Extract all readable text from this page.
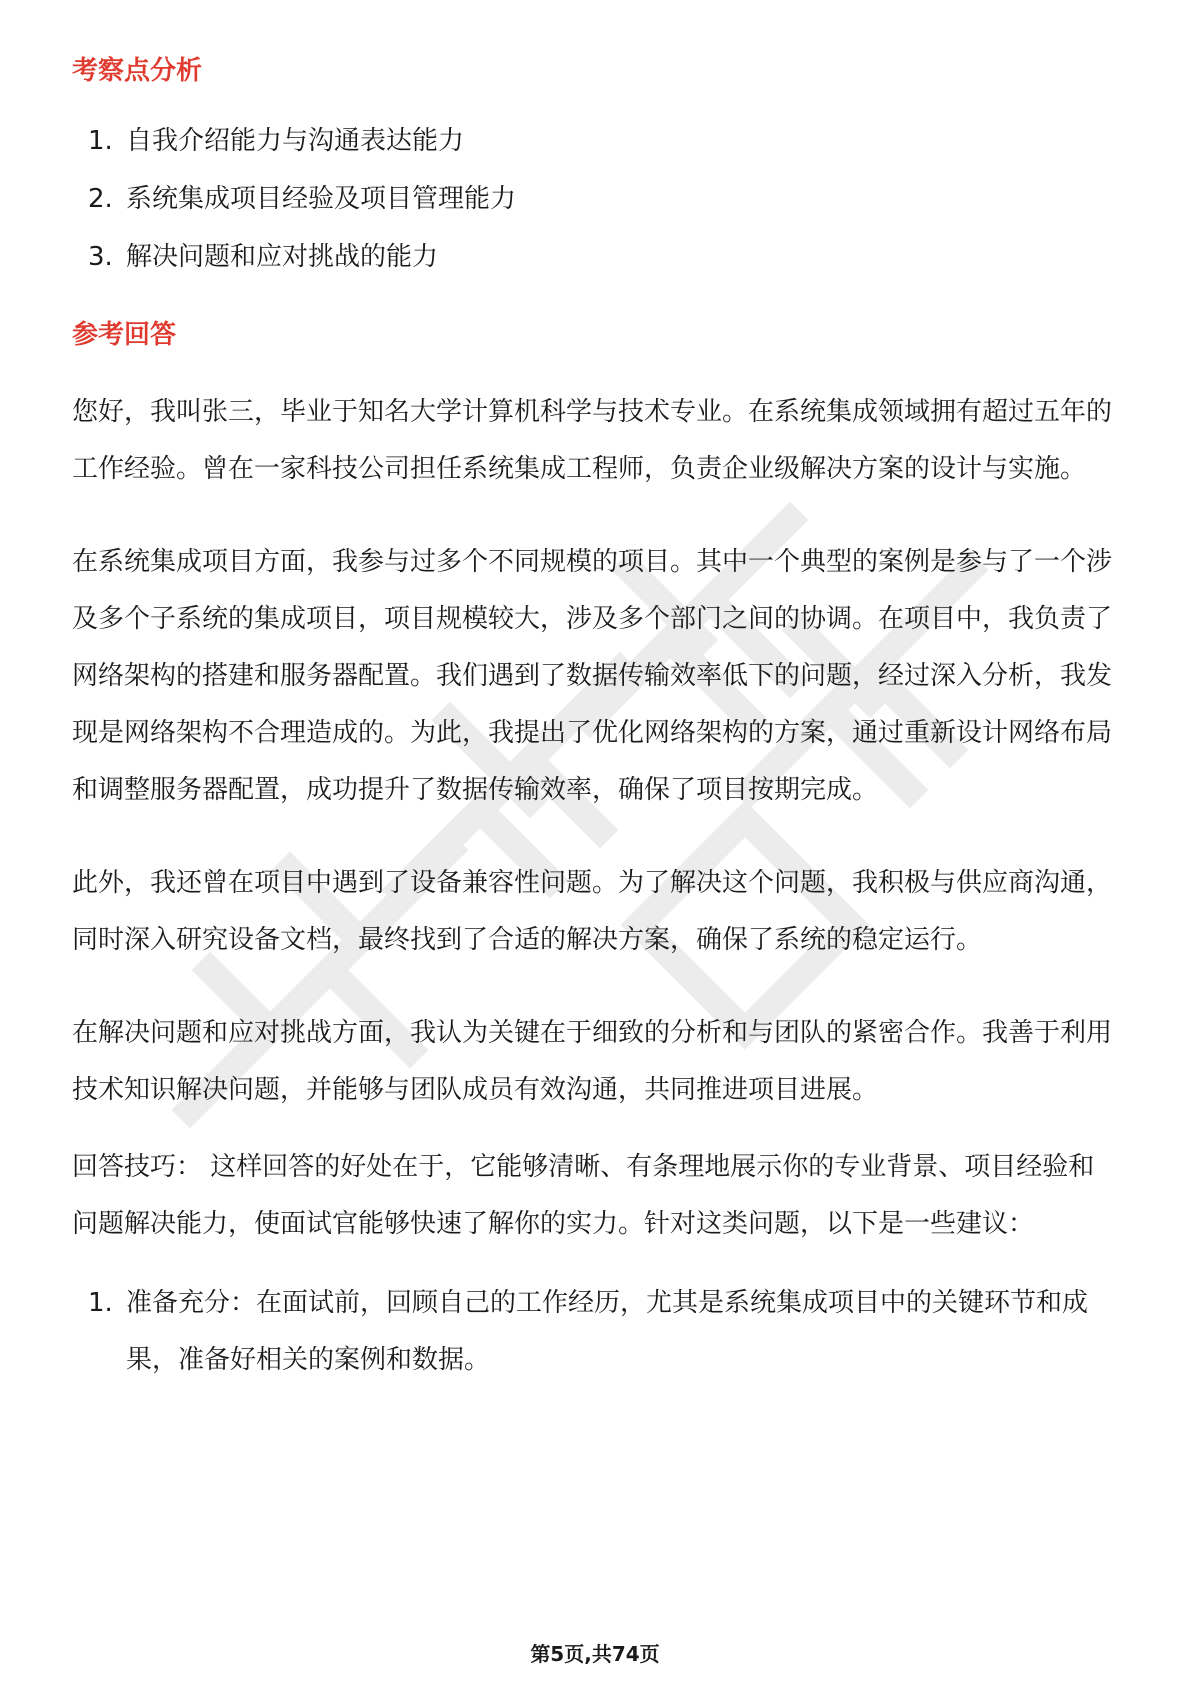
考察点分析
1. 自我介绍能力与沟通表达能力
2. 系统集成项目经验及项目管理能力
3. 解决问题和应对挑战的能力
参考回答

您好，我叫张三，毕业于知名大学计算机科学与技术专业。在系统集成领域拥有超过五年的工作经验。曾在一家科技公司担任系统集成工程师，负责企业级解决方案的设计与实施。

在系统集成项目方面，我参与过多个不同规模的项目。其中一个典型的案例是参与了一个涉及多个子系统的集成项目，项目规模较大，涉及多个部门之间的协调。在项目中，我负责了网络架构的搭建和服务器配置。我们遇到了数据传输效率低下的问题，经过深入分析，我发现是网络架构不合理造成的。为此，我提出了优化网络架构的方案，通过重新设计网络布局和调整服务器配置，成功提升了数据传输效率，确保了项目按期完成。

此外，我还曾在项目中遇到了设备兼容性问题。为了解决这个问题，我积极与供应商沟通，同时深入研究设备文档，最终找到了合适的解决方案，确保了系统的稳定运行。

在解决问题和应对挑战方面，我认为关键在于细致的分析和与团队的紧密合作。我善于利用技术知识解决问题，并能够与团队成员有效沟通，共同推进项目进展。

回答技巧： 这样回答的好处在于，它能够清晰、有条理地展示你的专业背景、项目经验和问题解决能力，使面试官能够快速了解你的实力。针对这类问题，以下是一些建议：

1. 准备充分：在面试前，回顾自己的工作经历，尤其是系统集成项目中的关键环节和成果，准备好相关的案例和数据。
第5页,共74页
